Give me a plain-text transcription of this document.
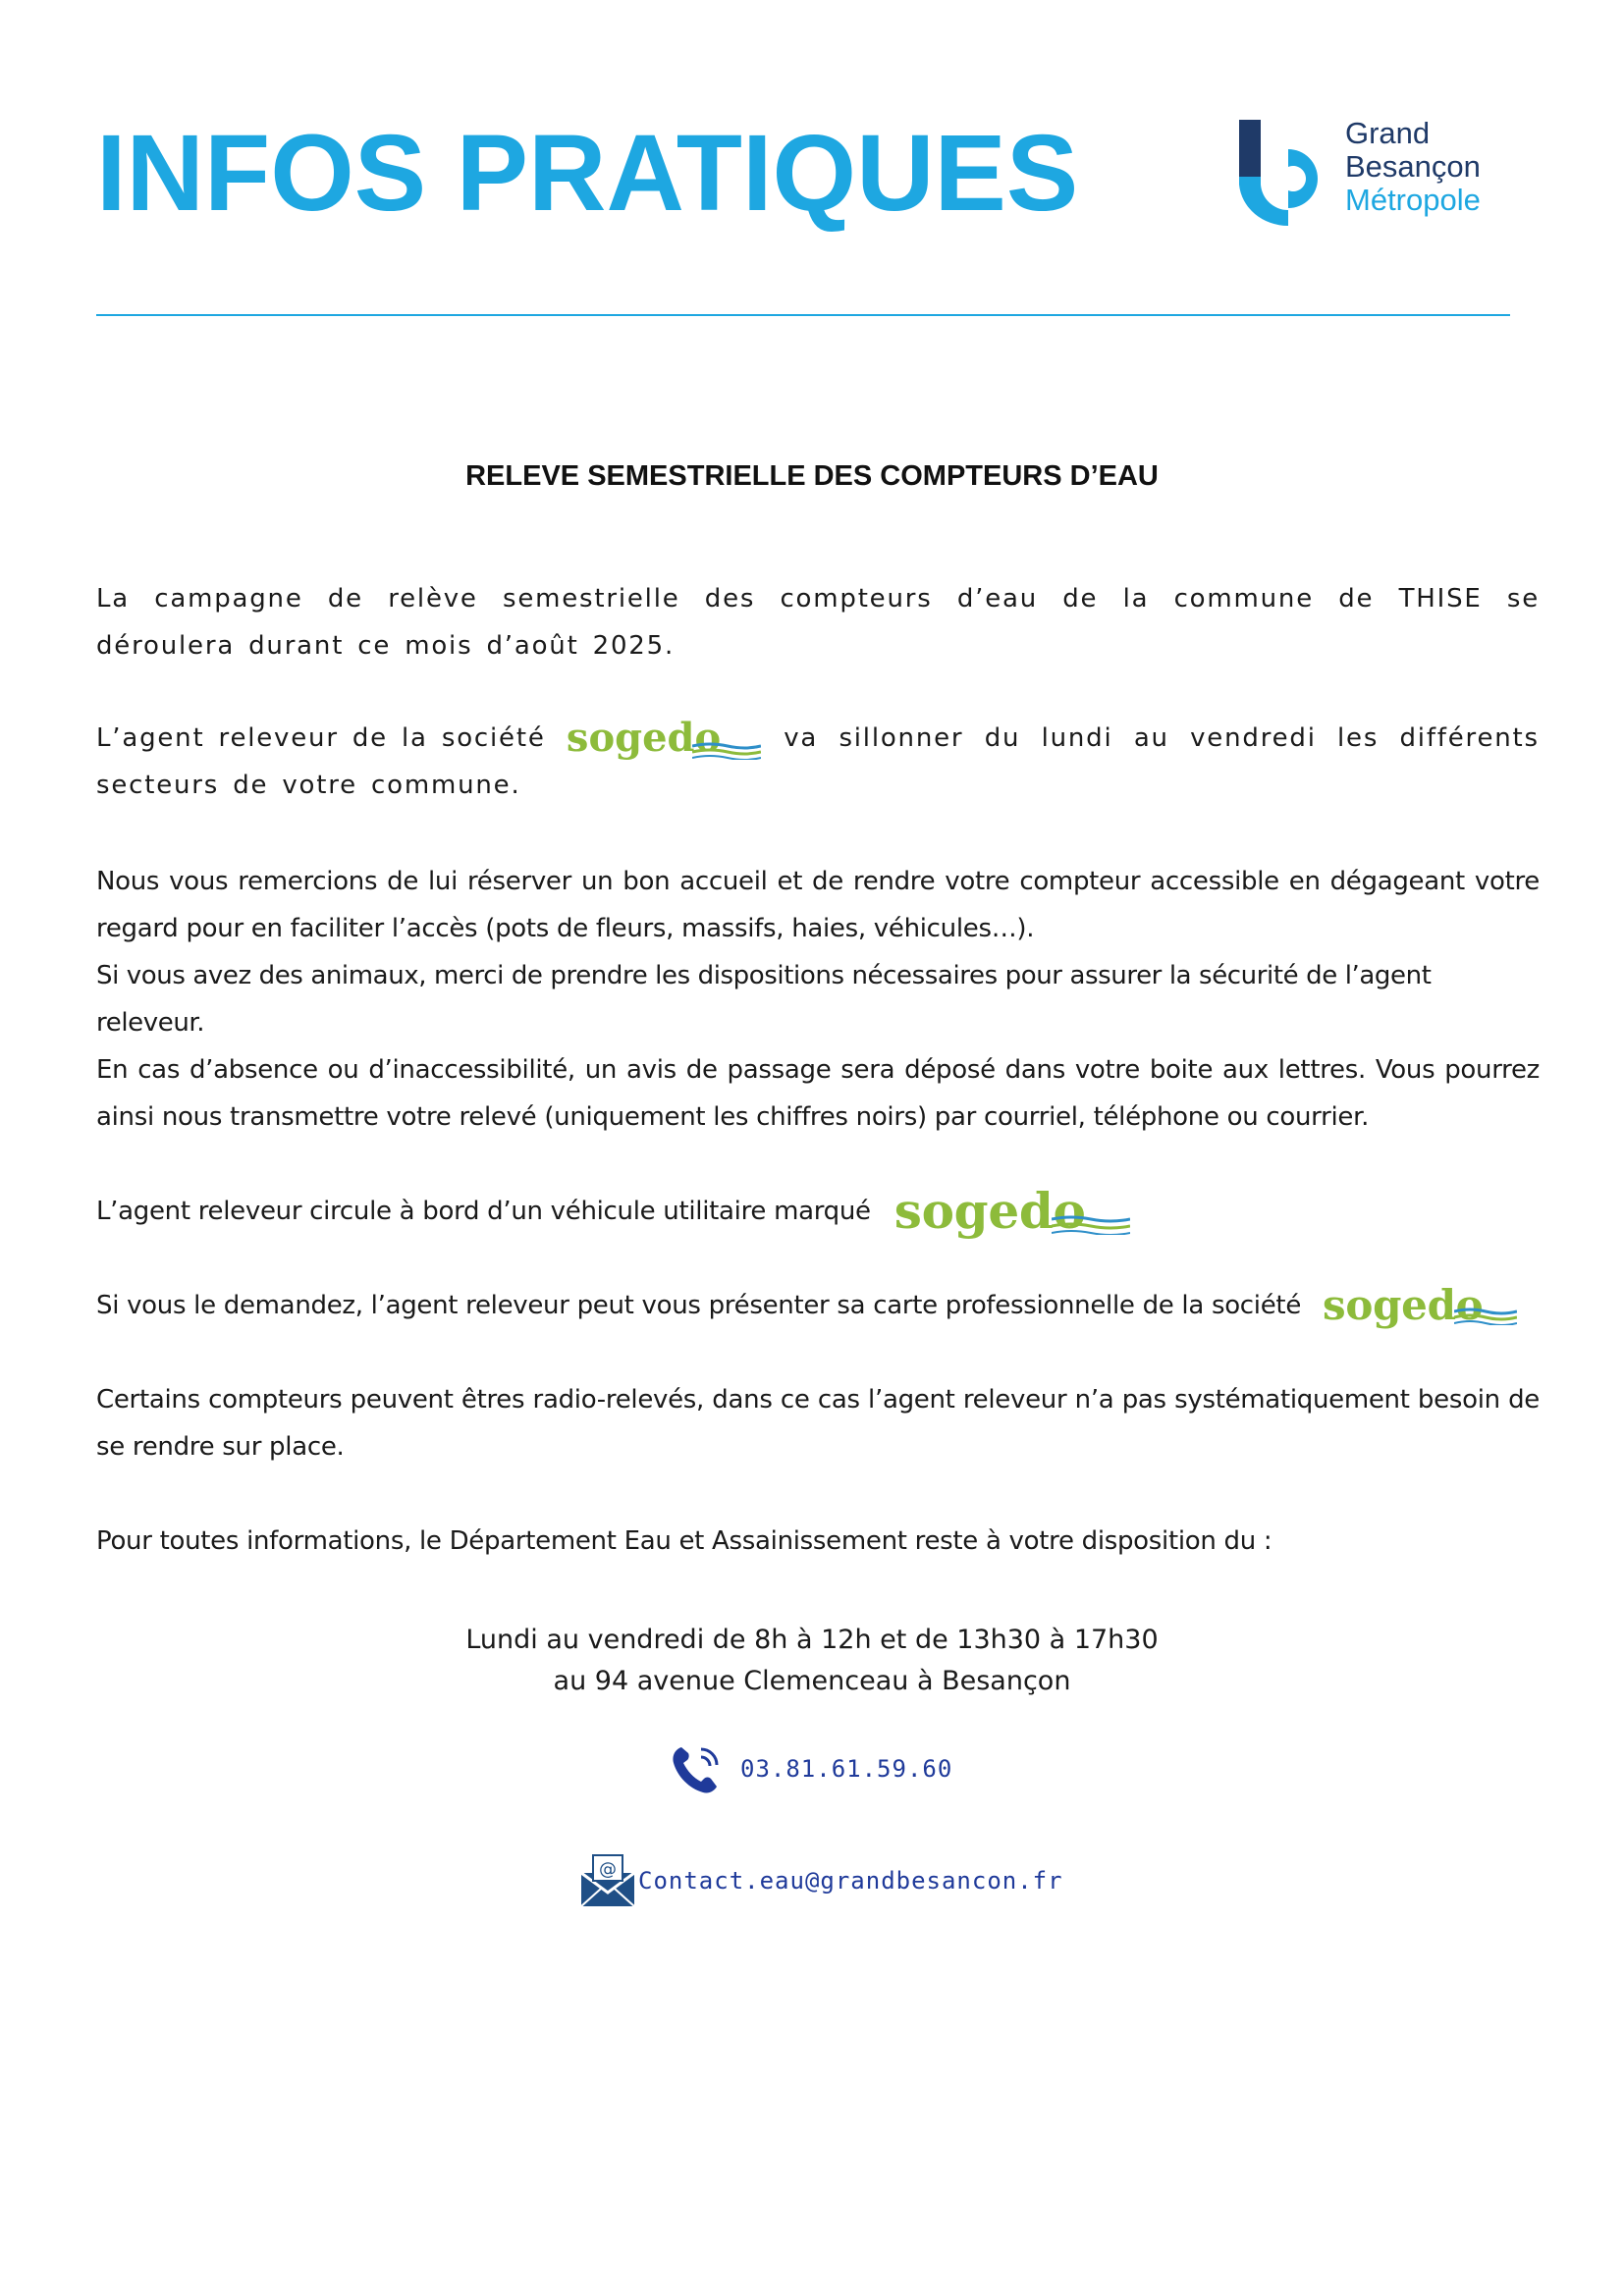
INFOS PRATIQUES	Grand
Besançon
Métropole
RELEVE SEMESTRIELLE DES COMPTEURS D’EAU
La campagne de relève semestrielle des compteurs d’eau de la commune de THISE se déroulera durant ce mois d’août 2025.
L’agent releveur de la société sogedo	va sillonner du lundi au vendredi les différents
secteurs de votre commune.
Nous vous remercions de lui réserver un bon accueil et de rendre votre compteur accessible en dégageant votre regard pour en faciliter l’accès (pots de fleurs, massifs, haies, véhicules…).
Si vous avez des animaux, merci de prendre les dispositions nécessaires pour assurer la sécurité de l’agent releveur.
En cas d’absence ou d’inaccessibilité, un avis de passage sera déposé dans votre boite aux lettres. Vous pourrez ainsi nous transmettre votre relevé (uniquement les chiffres noirs) par courriel, téléphone ou courrier.
L’agent releveur circule à bord d’un véhicule utilitaire marqué sogedo
Si vous le demandez, l’agent releveur peut vous présenter sa carte professionnelle de la société sogedo
Certains compteurs peuvent êtres radio-relevés, dans ce cas l’agent releveur n’a pas systématiquement besoin de se rendre sur place.
Pour toutes informations, le Département Eau et Assainissement reste à votre disposition du :
Lundi au vendredi de 8h à 12h et de 13h30 à 17h30
au 94 avenue Clemenceau à Besançon
03.81.61.59.60
@ Contact.eau@grandbesancon.fr
